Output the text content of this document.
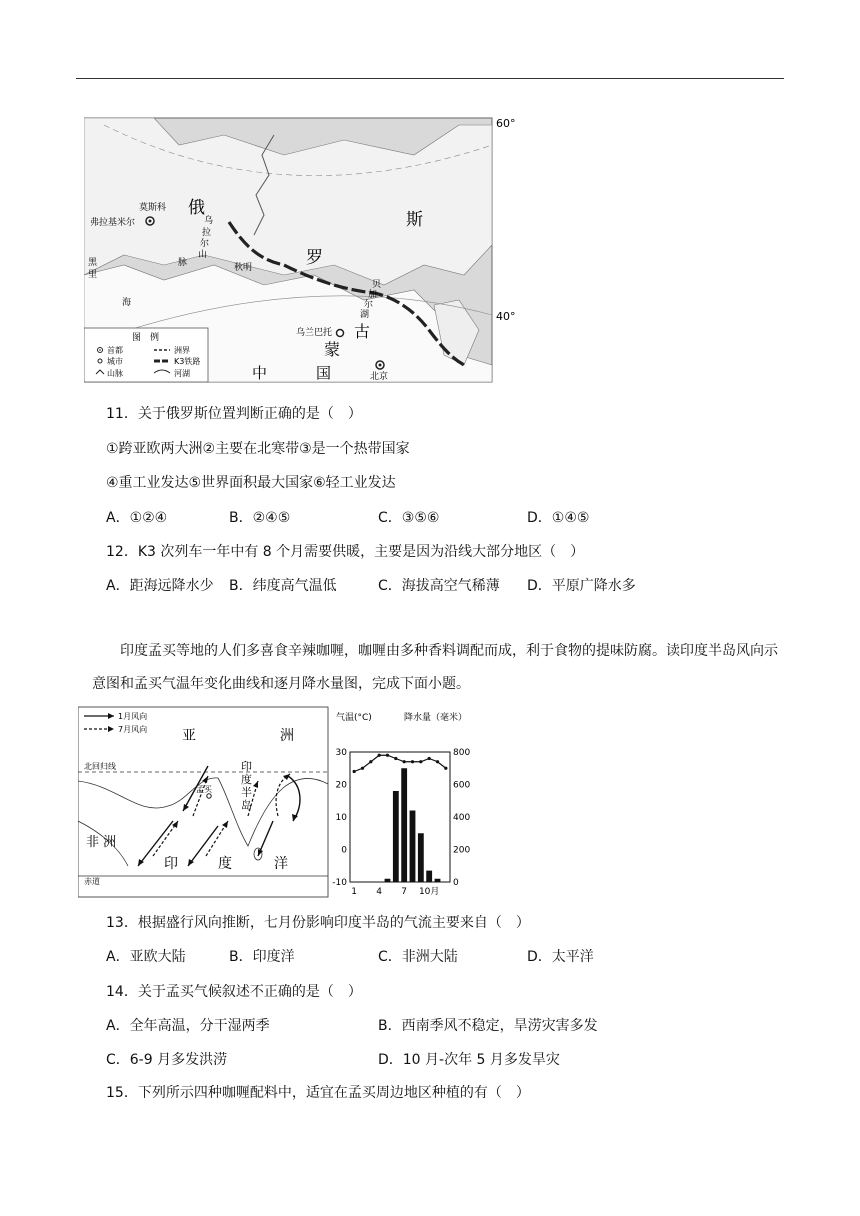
60°
40°
俄
罗
斯
古
蒙
中	国
莫斯科
弗拉基米尔
乌兰巴托
北京
秋明
乌
拉
尔
山
脉
贝
加
尔
湖
黑
里
海
图　例
首都
城市
山脉
洲界
K3铁路
河湖
11．关于俄罗斯位置判断正确的是（　）
①跨亚欧两大洲②主要在北寒带③是一个热带国家
④重工业发达⑤世界面积最大国家⑥轻工业发达
A．①②④	B．②④⑤	C．③⑤⑥	D．①④⑤
12．K3 次列车一年中有 8 个月需要供暖，主要是因为沿线大部分地区（　）
A．距海远降水少 B．纬度高气温低	C．海拔高空气稀薄 D．平原广降水多
印度孟买等地的人们多喜食辛辣咖喱，咖喱由多种香料调配而成，利于食物的提味防腐。读印度半岛风向示意图和孟买气温年变化曲线和逐月降水量图，完成下面小题。
1月风向
7月风向 亚	洲
北回归线
非 洲
赤道
印
度
半
岛
孟买
印	度	洋
气温(°C)	降水量（毫米）
30
20
10
0
-10
800
600
400
200
0
1 4 7 10月
13．根据盛行风向推断，七月份影响印度半岛的气流主要来自（　）
A．亚欧大陆	B．印度洋	C．非洲大陆	D．太平洋
14．关于孟买气候叙述不正确的是（　）
A．全年高温，分干湿两季	B．西南季风不稳定，旱涝灾害多发
C．6-9 月多发洪涝	D．10 月-次年 5 月多发旱灾
15．下列所示四种咖喱配料中，适宜在孟买周边地区种植的有（　）
